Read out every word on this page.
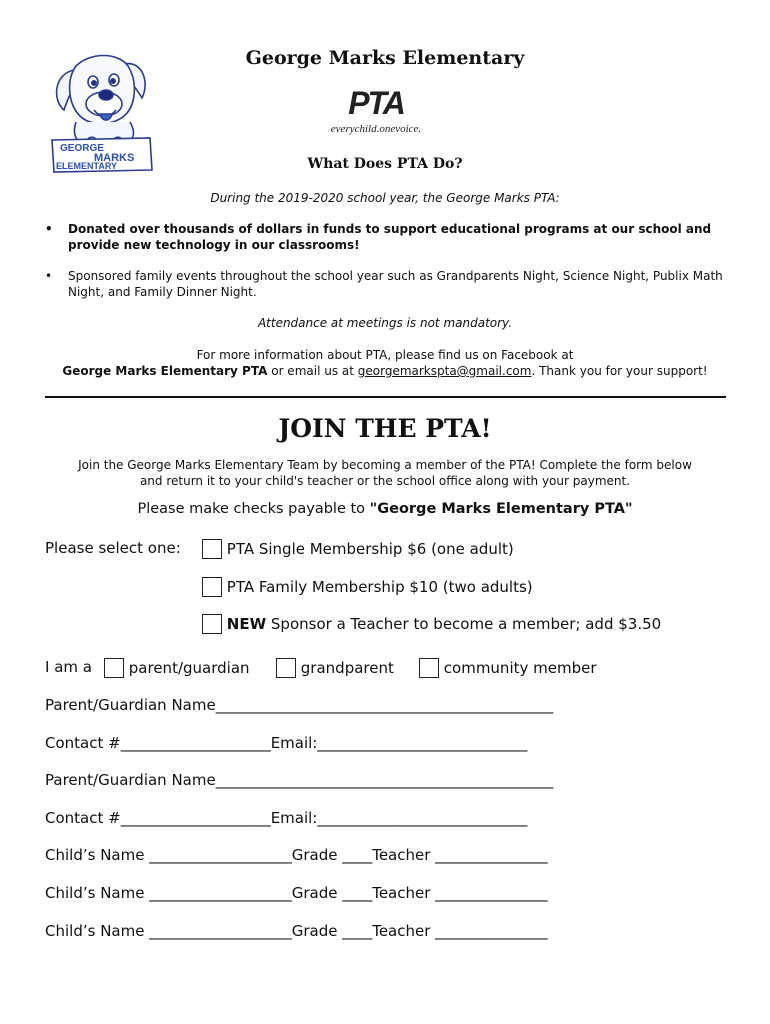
GEORGE
MARKS
ELEMENTARY
George Marks Elementary
PTA
everychild.onevoice.
What Does PTA Do?
During the 2019-2020 school year, the George Marks PTA:
• Donated over thousands of dollars in funds to support educational programs at our school and provide new technology in our classrooms!
• Sponsored family events throughout the school year such as Grandparents Night, Science Night, Publix Math Night, and Family Dinner Night.
Attendance at meetings is not mandatory.
For more information about PTA, please find us on Facebook at
George Marks Elementary PTA or email us at georgemarkspta@gmail.com. Thank you for your support!
JOIN THE PTA!
Join the George Marks Elementary Team by becoming a member of the PTA! Complete the form below
and return it to your child's teacher or the school office along with your payment.
Please make checks payable to "George Marks Elementary PTA"
Please select one:	PTA Single Membership $6 (one adult)
PTA Family Membership $10 (two adults)
NEW Sponsor a Teacher to become a member; add $3.50
I am a	parent/guardian	grandparent	community member
Parent/Guardian Name_____________________________________________
Contact #____________________Email:____________________________
Parent/Guardian Name_____________________________________________
Contact #____________________Email:____________________________
Child’s Name ___________________Grade ____Teacher _______________
Child’s Name ___________________Grade ____Teacher _______________
Child’s Name ___________________Grade ____Teacher _______________
